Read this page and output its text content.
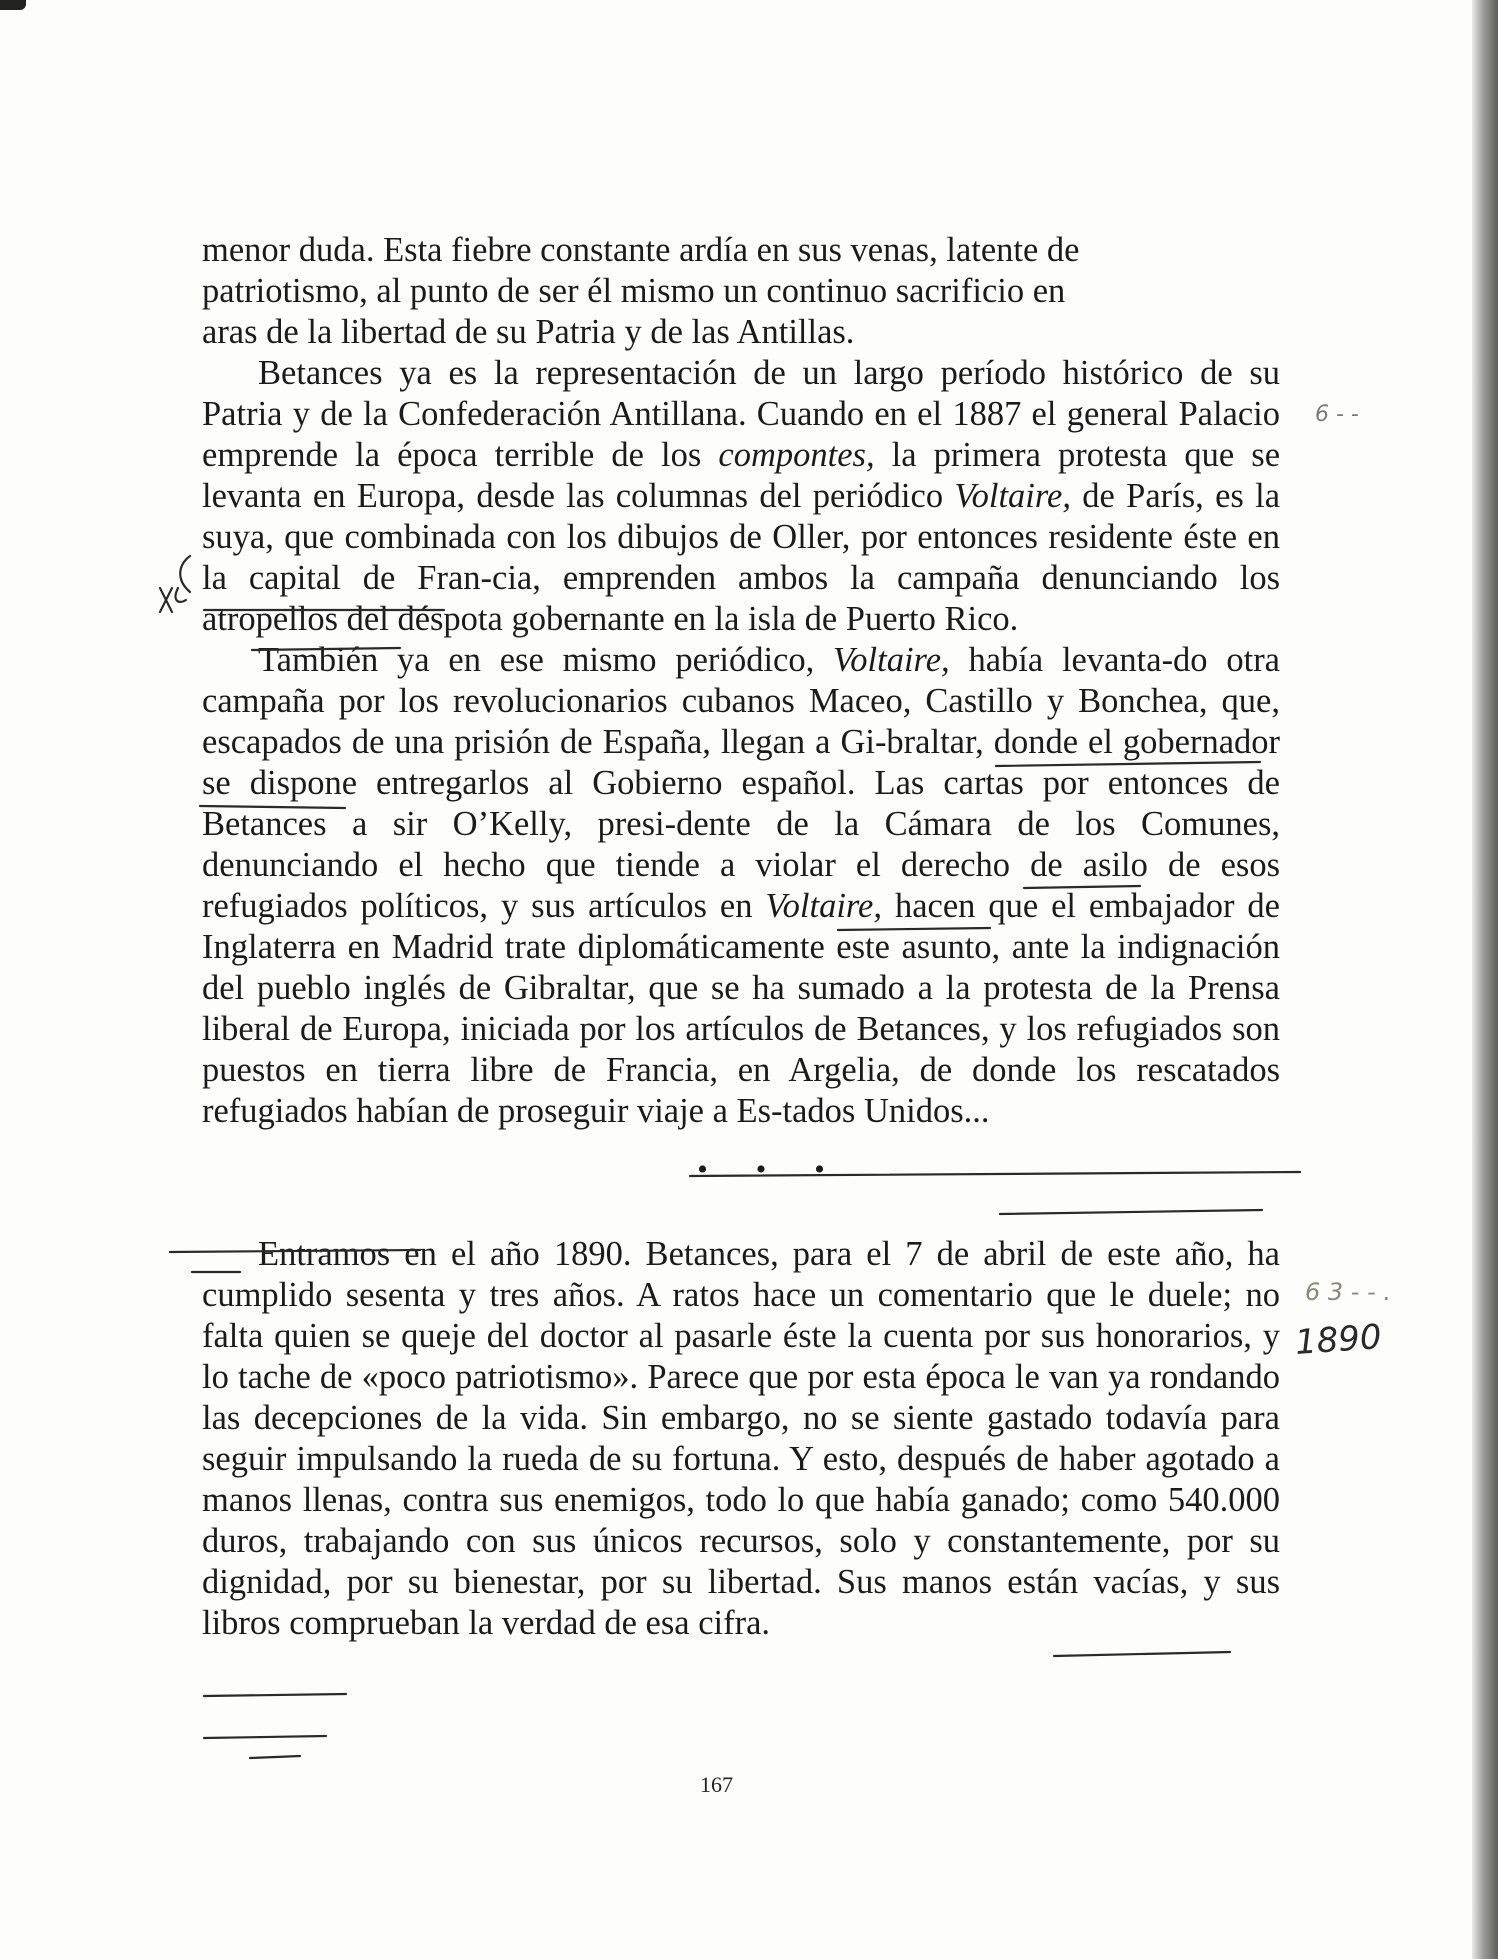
menor duda. Esta fiebre constante ardía en sus venas, latente de
patriotismo, al punto de ser él mismo un continuo sacrificio en
aras de la libertad de su Patria y de las Antillas.

Betances ya es la representación de un largo período histórico de su Patria y de la Confederación Antillana. Cuando en el 1887 el general Palacio emprende la época terrible de los compontes, la primera protesta que se levanta en Europa, desde las columnas del periódico Voltaire, de París, es la suya, que combinada con los dibujos de Oller, por entonces residente éste en la capital de Fran-cia, emprenden ambos la campaña denunciando los atropellos del déspota gobernante en la isla de Puerto Rico.

También ya en ese mismo periódico, Voltaire, había levanta-do otra campaña por los revolucionarios cubanos Maceo, Castillo y Bonchea, que, escapados de una prisión de España, llegan a Gi-braltar, donde el gobernador se dispone entregarlos al Gobierno español. Las cartas por entonces de Betances a sir O’Kelly, presi-dente de la Cámara de los Comunes, denunciando el hecho que tiende a violar el derecho de asilo de esos refugiados políticos, y sus artículos en Voltaire, hacen que el embajador de Inglaterra en Madrid trate diplomáticamente este asunto, ante la indignación del pueblo inglés de Gibraltar, que se ha sumado a la protesta de la Prensa liberal de Europa, iniciada por los artículos de Betances, y los refugiados son puestos en tierra libre de Francia, en Argelia, de donde los rescatados refugiados habían de proseguir viaje a Es-tados Unidos...

• • •

Entramos en el año 1890. Betances, para el 7 de abril de este año, ha cumplido sesenta y tres años. A ratos hace un comentario que le duele; no falta quien se queje del doctor al pasarle éste la cuenta por sus honorarios, y lo tache de «poco patriotismo». Parece que por esta época le van ya rondando las decepciones de la vida. Sin embargo, no se siente gastado todavía para seguir impulsando la rueda de su fortuna. Y esto, después de haber agotado a manos llenas, contra sus enemigos, todo lo que había ganado; como 540.000 duros, trabajando con sus únicos recursos, solo y constantemente, por su dignidad, por su bienestar, por su libertad. Sus manos están vacías, y sus libros comprueban la verdad de esa cifra.

167
6 - -
6 3 - - .
1890
